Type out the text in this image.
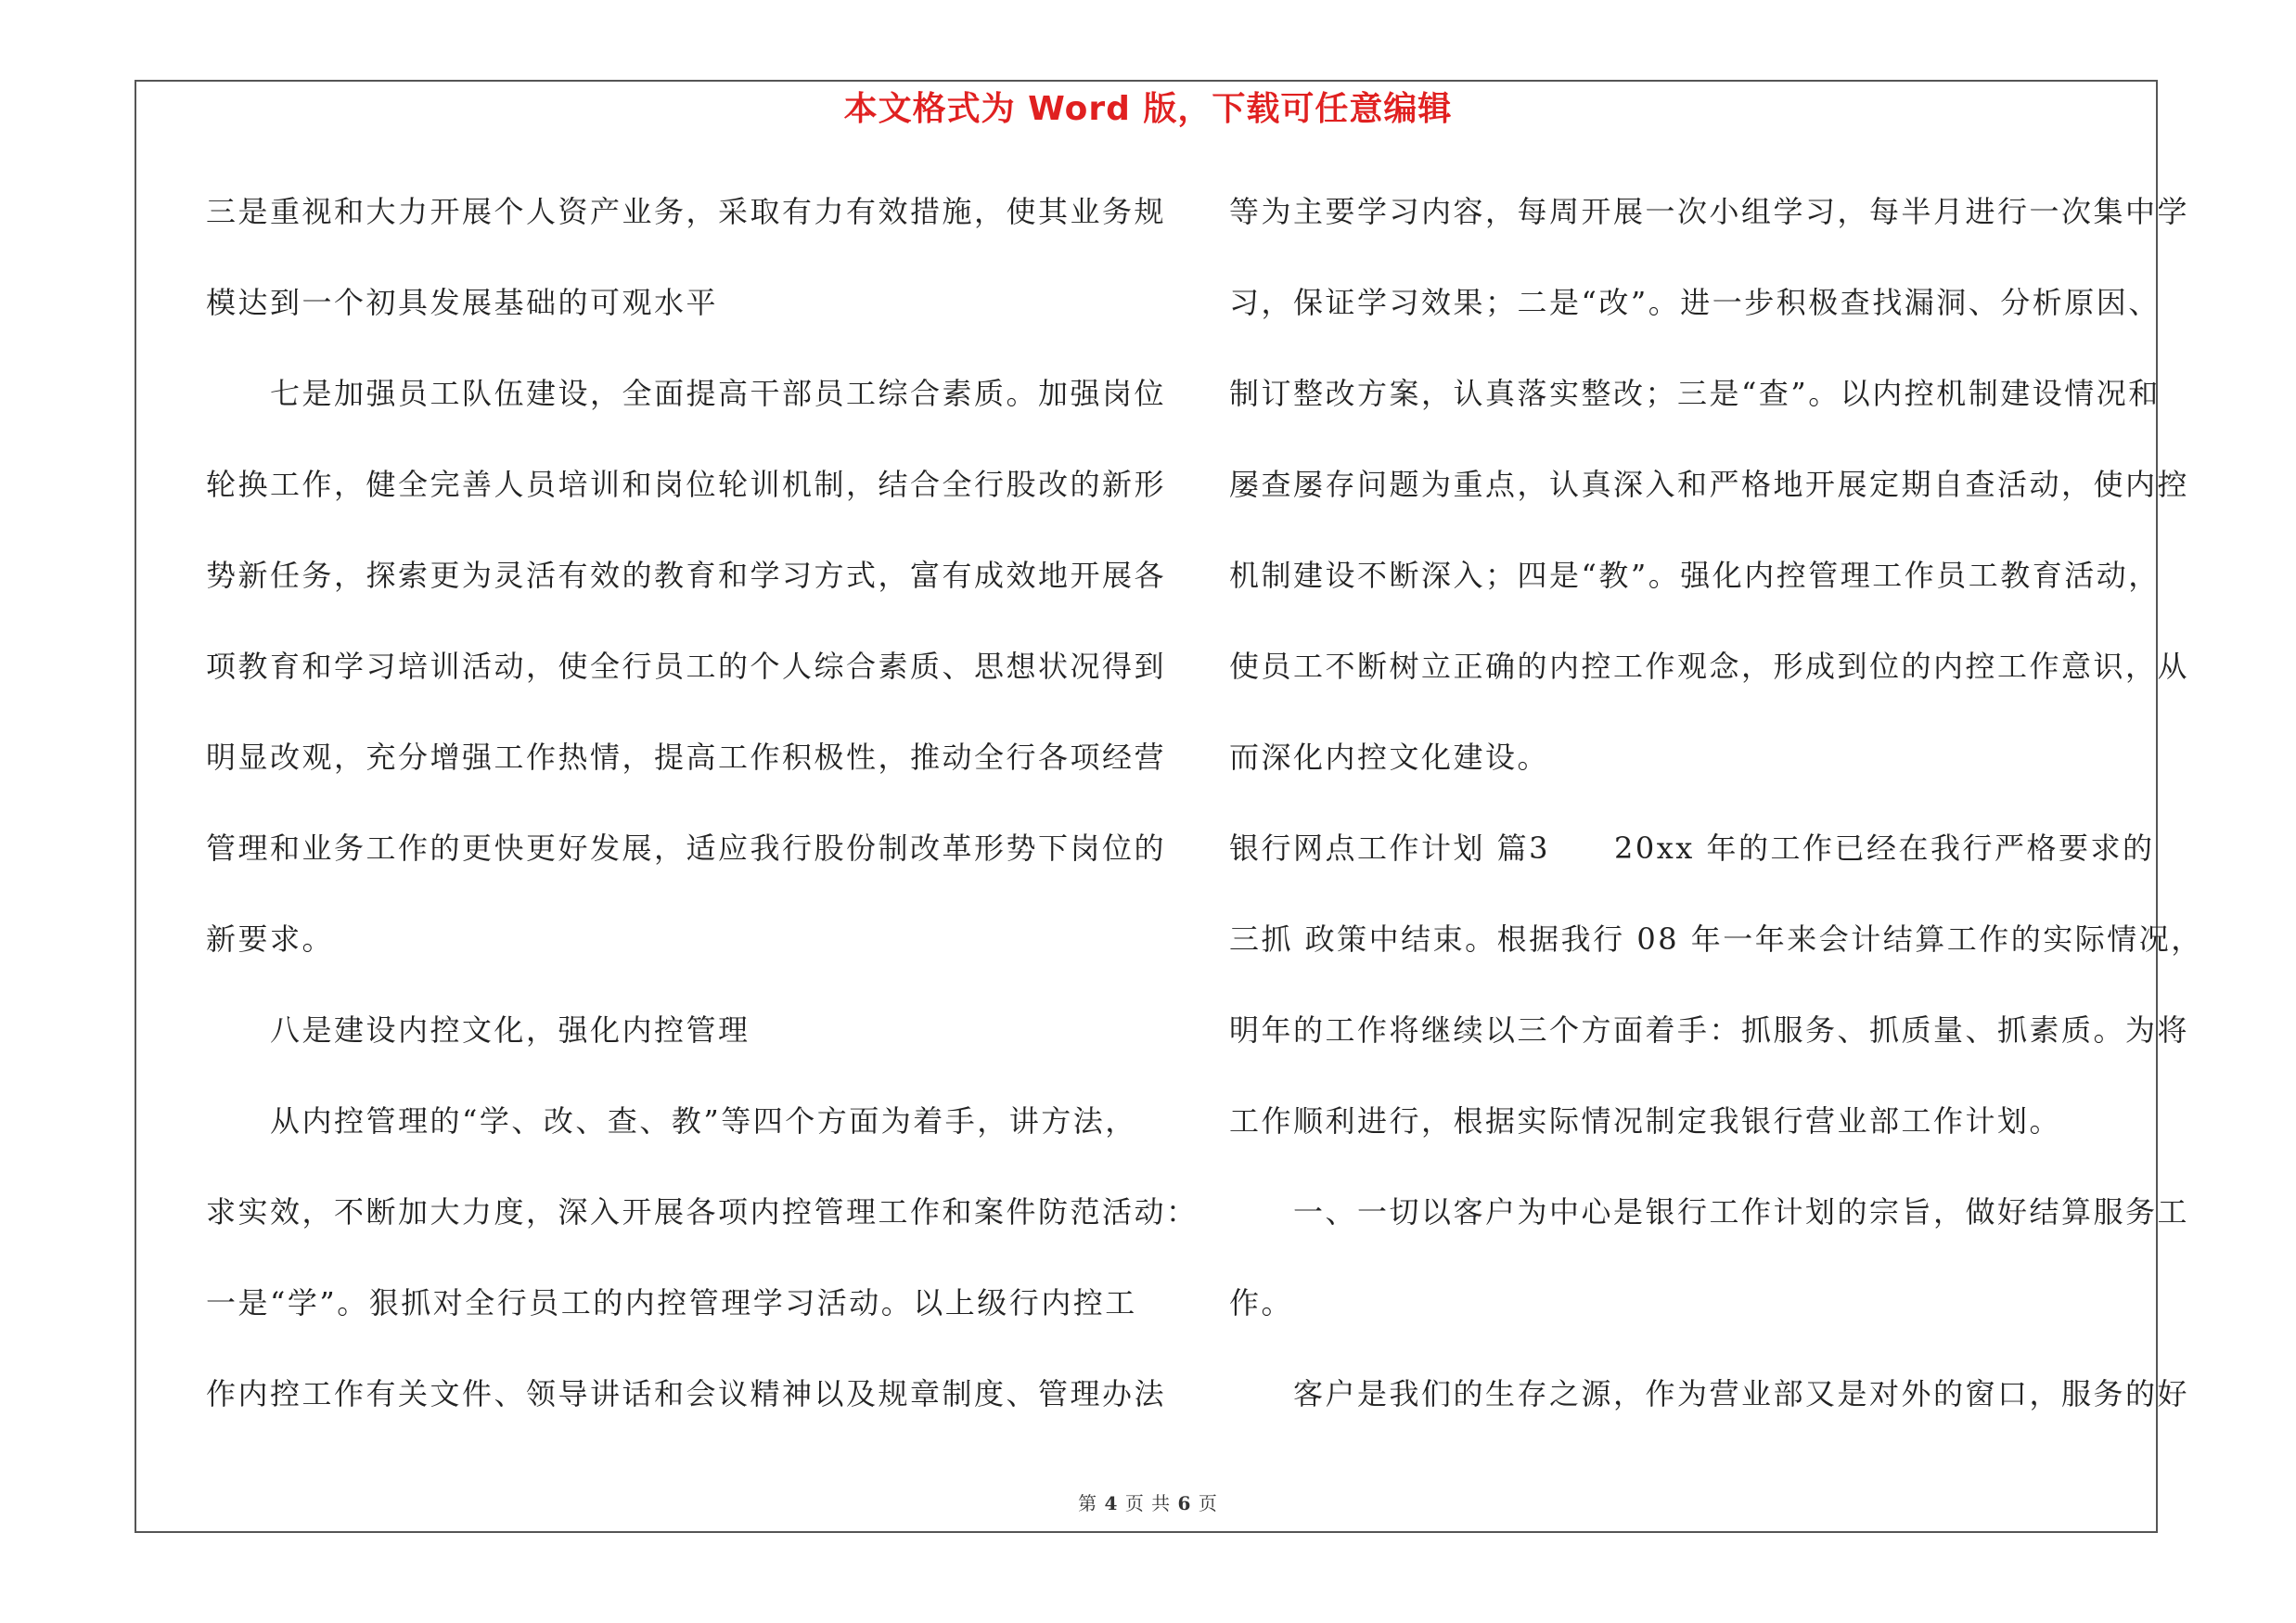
本文格式为 Word 版，下载可任意编辑
三是重视和大力开展个人资产业务，采取有力有效措施，使其业务规
模达到一个初具发展基础的可观水平
　　七是加强员工队伍建设，全面提高干部员工综合素质。加强岗位
轮换工作，健全完善人员培训和岗位轮训机制，结合全行股改的新形
势新任务，探索更为灵活有效的教育和学习方式，富有成效地开展各
项教育和学习培训活动，使全行员工的个人综合素质、思想状况得到
明显改观，充分增强工作热情，提高工作积极性，推动全行各项经营
管理和业务工作的更快更好发展，适应我行股份制改革形势下岗位的
新要求。
　　八是建设内控文化，强化内控管理
　　从内控管理的“学、改、查、教”等四个方面为着手，讲方法，
求实效，不断加大力度，深入开展各项内控管理工作和案件防范活动：
一是“学”。狠抓对全行员工的内控管理学习活动。以上级行内控工
作内控工作有关文件、领导讲话和会议精神以及规章制度、管理办法
等为主要学习内容，每周开展一次小组学习，每半月进行一次集中学
习，保证学习效果；二是“改”。进一步积极查找漏洞、分析原因、
制订整改方案，认真落实整改；三是“查”。以内控机制建设情况和
屡查屡存问题为重点，认真深入和严格地开展定期自查活动，使内控
机制建设不断深入；四是“教”。强化内控管理工作员工教育活动，
使员工不断树立正确的内控工作观念，形成到位的内控工作意识，从
而深化内控文化建设。
银行网点工作计划 篇3　　20xx 年的工作已经在我行严格要求的
三抓 政策中结束。根据我行 08 年一年来会计结算工作的实际情况，
明年的工作将继续以三个方面着手：抓服务、抓质量、抓素质。为将
工作顺利进行，根据实际情况制定我银行营业部工作计划。
　　一、一切以客户为中心是银行工作计划的宗旨，做好结算服务工
作。
　　客户是我们的生存之源，作为营业部又是对外的窗口，服务的好
第 4 页 共 6 页
